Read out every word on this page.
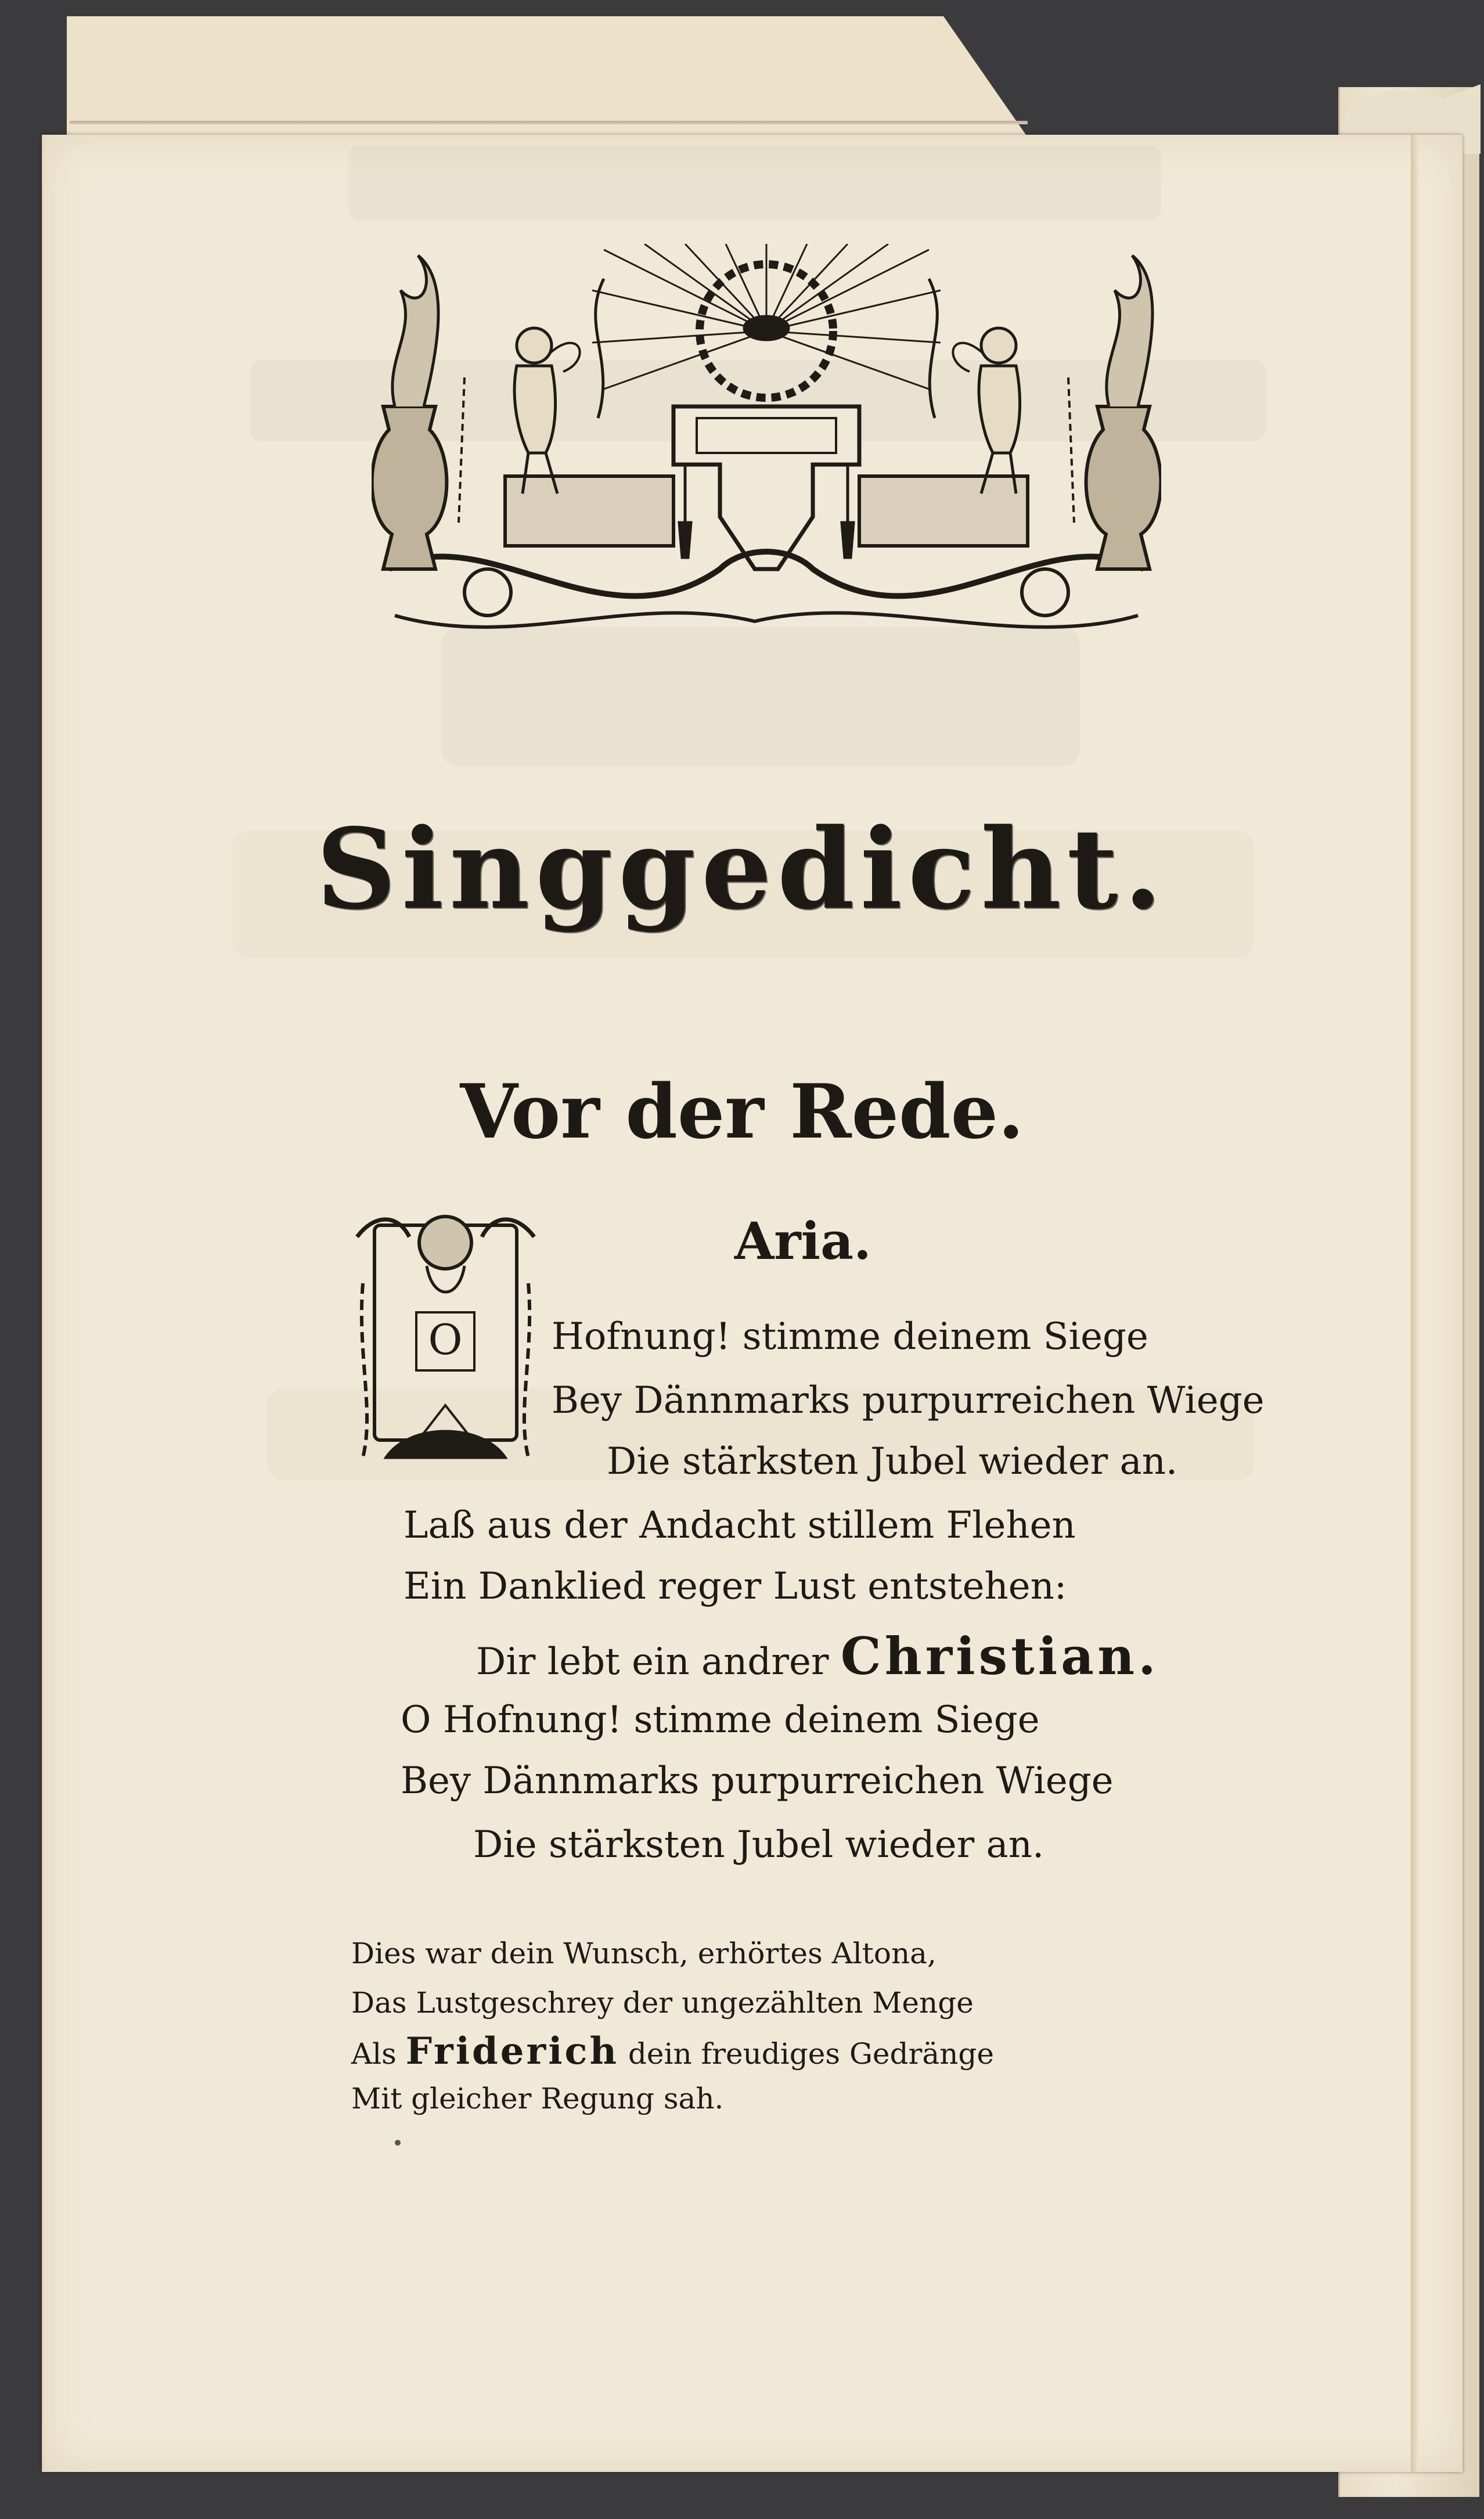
Singgedicht.
Vor der Rede.
O
Aria.
Hofnung! stimme deinem Siege
Bey Dännmarks purpurreichen Wiege
Die stärksten Jubel wieder an.
Laß aus der Andacht stillem Flehen
Ein Danklied reger Lust entstehen:
Dir lebt ein andrer Christian.
O Hofnung! stimme deinem Siege
Bey Dännmarks purpurreichen Wiege
Die stärksten Jubel wieder an.
Dies war dein Wunsch, erhörtes Altona,
Das Lustgeschrey der ungezählten Menge
Als Friderich dein freudiges Gedränge
Mit gleicher Regung sah.
